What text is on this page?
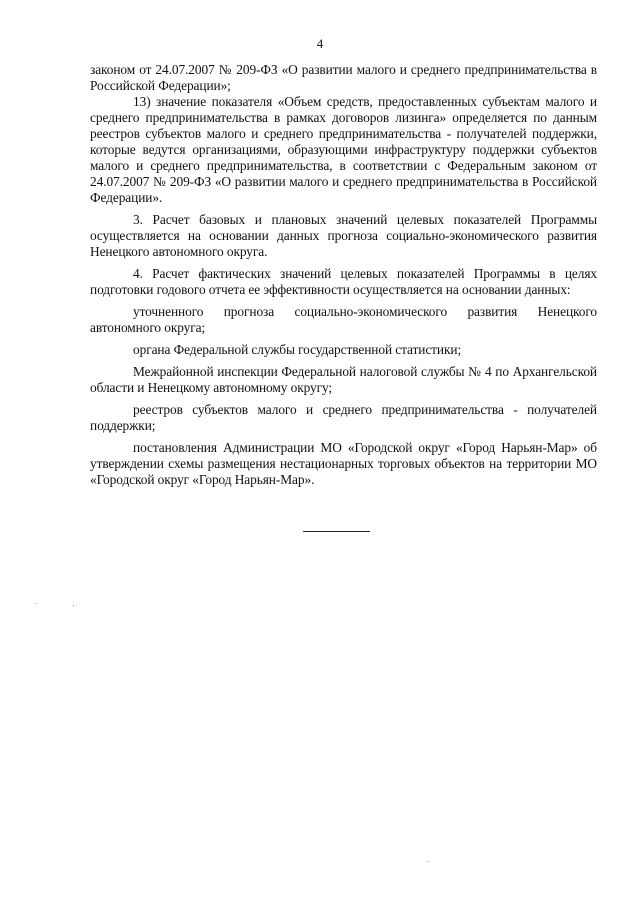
4

законом от 24.07.2007 № 209-ФЗ «О развитии малого и среднего предпринимательства в Российской Федерации»;

13) значение показателя «Объем средств, предоставленных субъектам малого и среднего предпринимательства в рамках договоров лизинга» определяется по данным реестров субъектов малого и среднего предпринимательства - получателей поддержки, которые ведутся организациями, образующими инфраструктуру поддержки субъектов малого и среднего предпринимательства, в соответствии с Федеральным законом от 24.07.2007 № 209-ФЗ «О развитии малого и среднего предпринимательства в Российской Федерации».

3. Расчет базовых и плановых значений целевых показателей Программы осуществляется на основании данных прогноза социально-экономического развития Ненецкого автономного округа.

4. Расчет фактических значений целевых показателей Программы в целях подготовки годового отчета ее эффективности осуществляется на основании данных:

уточненного прогноза социально-экономического развития Ненецкого автономного округа;

органа Федеральной службы государственной статистики;

Межрайонной инспекции Федеральной налоговой службы № 4 по Архангельской области и Ненецкому автономному округу;

реестров субъектов малого и среднего предпринимательства - получателей поддержки;

постановления Администрации МО «Городской округ «Город Нарьян-Мар» об утверждении схемы размещения нестационарных торговых объектов на территории МО «Городской округ «Город Нарьян-Мар».
